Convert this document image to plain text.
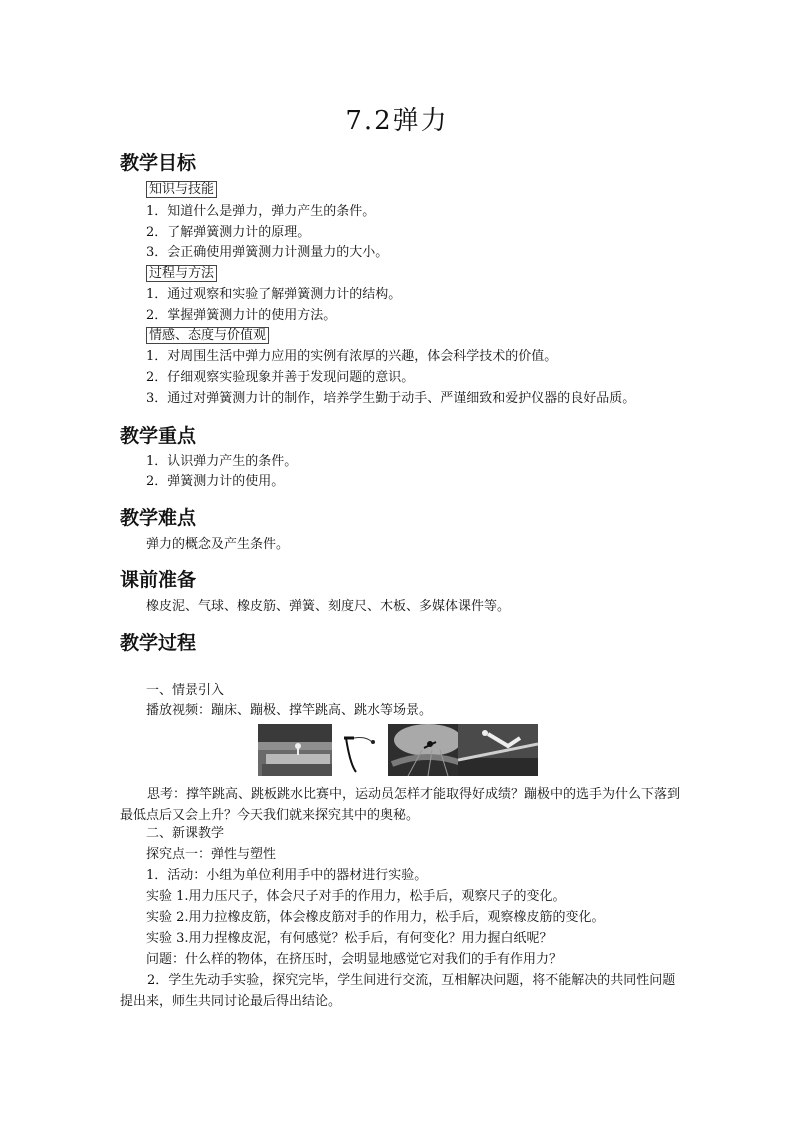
7.2弹力
教学目标
知识与技能
1．知道什么是弹力，弹力产生的条件。
2．了解弹簧测力计的原理。
3．会正确使用弹簧测力计测量力的大小。
过程与方法
1．通过观察和实验了解弹簧测力计的结构。
2．掌握弹簧测力计的使用方法。
情感、态度与价值观
1．对周围生活中弹力应用的实例有浓厚的兴趣，体会科学技术的价值。
2．仔细观察实验现象并善于发现问题的意识。
3．通过对弹簧测力计的制作，培养学生勤于动手、严谨细致和爱护仪器的良好品质。
教学重点
1．认识弹力产生的条件。
2．弹簧测力计的使用。
教学难点
弹力的概念及产生条件。
课前准备
橡皮泥、气球、橡皮筋、弹簧、刻度尺、木板、多媒体课件等。
教学过程
一、情景引入
播放视频：蹦床、蹦极、撑竿跳高、跳水等场景。
思考：撑竿跳高、跳板跳水比赛中，运动员怎样才能取得好成绩？蹦极中的选手为什么下落到最低点后又会上升？今天我们就来探究其中的奥秘。
二、新课教学
探究点一：弹性与塑性
1．活动：小组为单位利用手中的器材进行实验。
实验 1.用力压尺子，体会尺子对手的作用力，松手后，观察尺子的变化。
实验 2.用力拉橡皮筋，体会橡皮筋对手的作用力，松手后，观察橡皮筋的变化。
实验 3.用力捏橡皮泥，有何感觉？松手后，有何变化？用力握白纸呢？
问题：什么样的物体，在挤压时，会明显地感觉它对我们的手有作用力？
2．学生先动手实验，探究完毕，学生间进行交流，互相解决问题，将不能解决的共同性问题提出来，师生共同讨论最后得出结论。
